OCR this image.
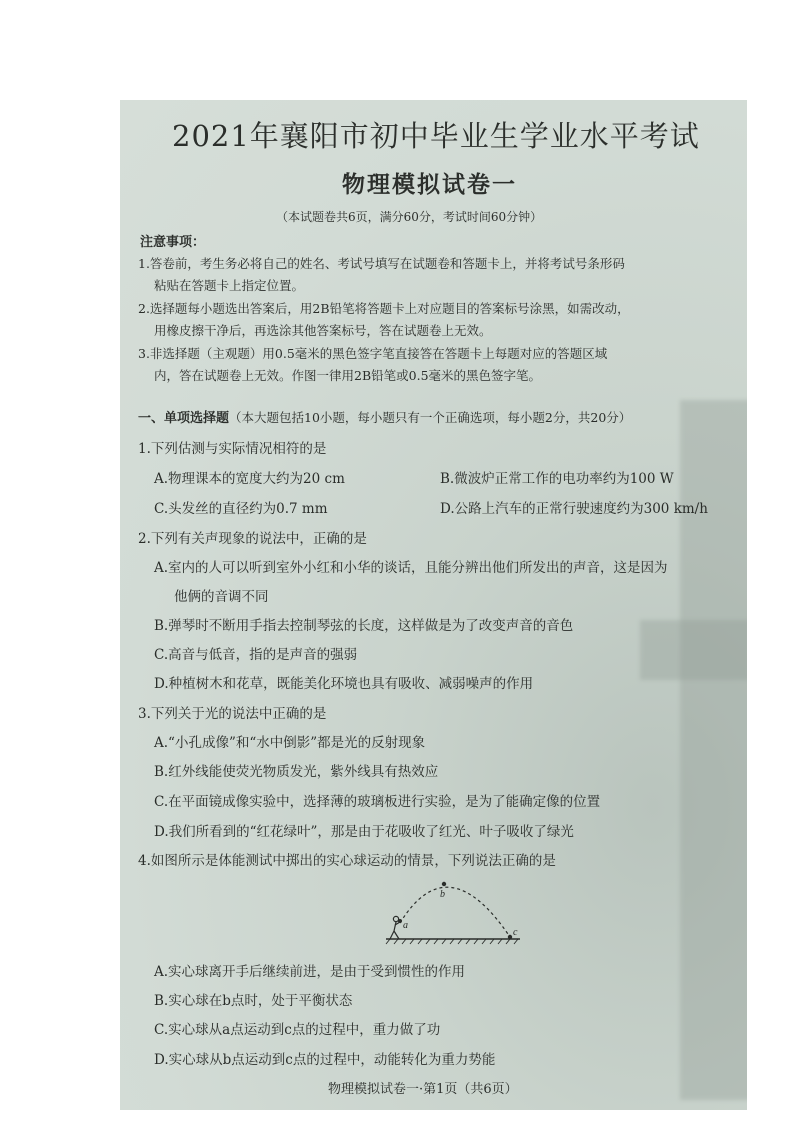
2021年襄阳市初中毕业生学业水平考试
物理模拟试卷一
（本试题卷共6页，满分60分，考试时间60分钟）
注意事项：
1.答卷前，考生务必将自己的姓名、考试号填写在试题卷和答题卡上，并将考试号条形码
粘贴在答题卡上指定位置。
2.选择题每小题选出答案后，用2B铅笔将答题卡上对应题目的答案标号涂黑，如需改动，
用橡皮擦干净后，再选涂其他答案标号，答在试题卷上无效。
3.非选择题（主观题）用0.5毫米的黑色签字笔直接答在答题卡上每题对应的答题区域
内，答在试题卷上无效。作图一律用2B铅笔或0.5毫米的黑色签字笔。
一、单项选择题（本大题包括10小题，每小题只有一个正确选项，每小题2分，共20分）
1.下列估测与实际情况相符的是
A.物理课本的宽度大约为20 cm	B.微波炉正常工作的电功率约为100 W
C.头发丝的直径约为0.7 mm	D.公路上汽车的正常行驶速度约为300 km/h
2.下列有关声现象的说法中，正确的是
A.室内的人可以听到室外小红和小华的谈话，且能分辨出他们所发出的声音，这是因为
他俩的音调不同
B.弹琴时不断用手指去控制琴弦的长度，这样做是为了改变声音的音色
C.高音与低音，指的是声音的强弱
D.种植树木和花草，既能美化环境也具有吸收、减弱噪声的作用
3.下列关于光的说法中正确的是
A.“小孔成像”和“水中倒影”都是光的反射现象
B.红外线能使荧光物质发光，紫外线具有热效应
C.在平面镜成像实验中，选择薄的玻璃板进行实验，是为了能确定像的位置
D.我们所看到的“红花绿叶”，那是由于花吸收了红光、叶子吸收了绿光
4.如图所示是体能测试中掷出的实心球运动的情景，下列说法正确的是
a
b
c
A.实心球离开手后继续前进，是由于受到惯性的作用
B.实心球在b点时，处于平衡状态
C.实心球从a点运动到c点的过程中，重力做了功
D.实心球从b点运动到c点的过程中，动能转化为重力势能
物理模拟试卷一·第1页（共6页）
